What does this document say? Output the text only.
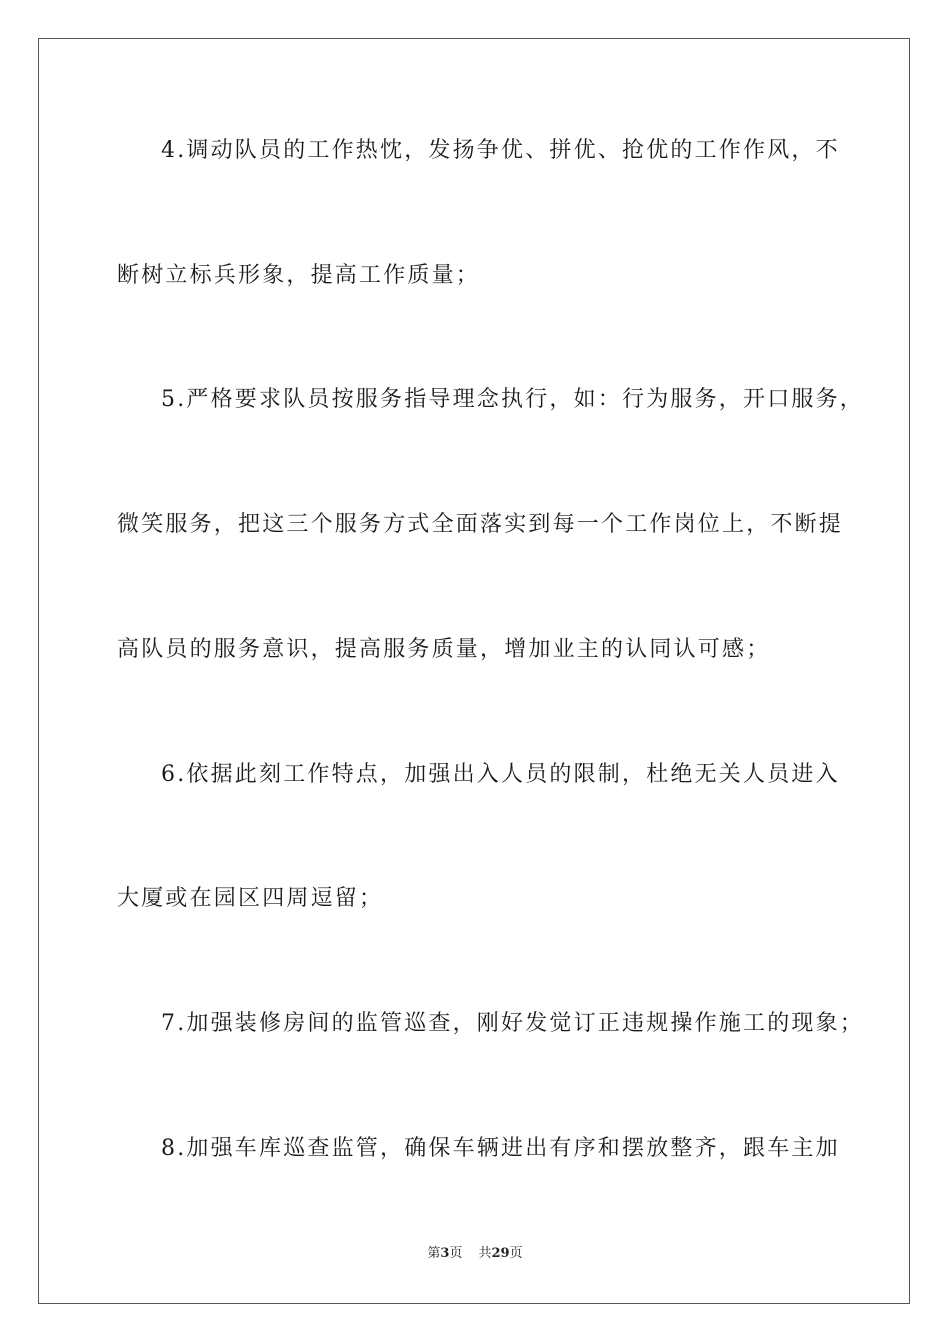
4.调动队员的工作热忱，发扬争优、拼优、抢优的工作作风，不
断树立标兵形象，提高工作质量；
5.严格要求队员按服务指导理念执行，如：行为服务，开口服务，
微笑服务，把这三个服务方式全面落实到每一个工作岗位上，不断提
高队员的服务意识，提高服务质量，增加业主的认同认可感；
6.依据此刻工作特点，加强出入人员的限制，杜绝无关人员进入
大厦或在园区四周逗留；
7.加强装修房间的监管巡查，刚好发觉订正违规操作施工的现象；
8.加强车库巡查监管，确保车辆进出有序和摆放整齐，跟车主加
第3页 共29页
